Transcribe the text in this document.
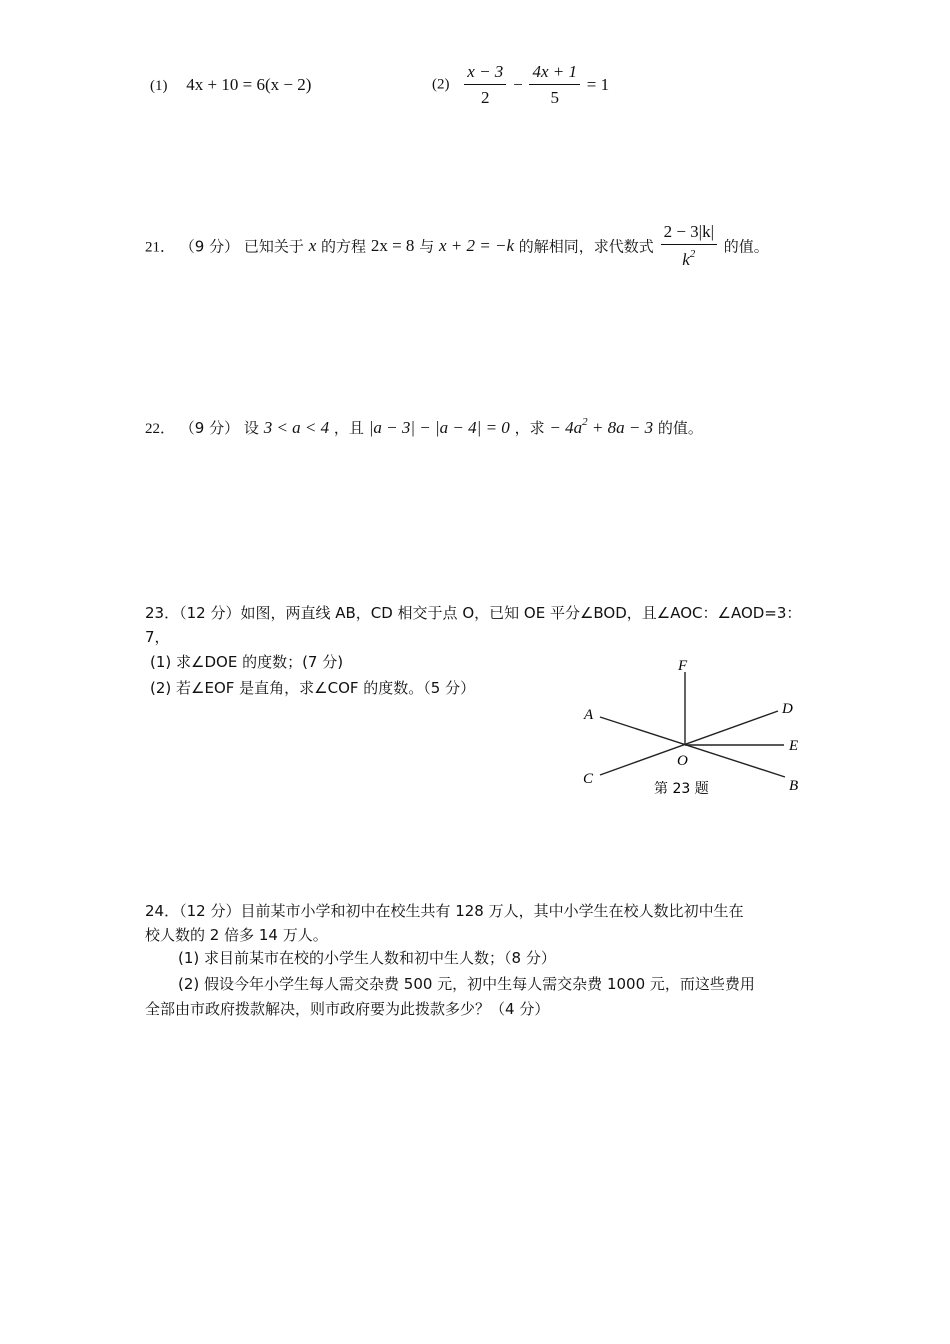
(1) 4x + 10 = 6(x − 2)	$(2) \frac{x - 3}{2} - \frac{4x + 1}{5} = 1$
21． （9 分） 已知关于 x 的方程 2x = 8 与 x + 2 = −k 的解相同，求代数式 $\frac{2 - 3|k|}{k^2}$ 的值。
22． （9 分） 设 3 < a < 4 ，且 |a − 3| − |a − 4| = 0 ，求 − $4a^2 + 8a - 3$ 的值。
23．（12 分）如图，两直线 AB，CD 相交于点 O，已知 OE 平分∠BOD，且∠AOC：∠AOD=3：
7，
(1) 求∠DOE 的度数；(7 分)
(2) 若∠EOF 是直角，求∠COF 的度数。（5 分）
F
A	D
E
O
C	B
第 23 题
24．（12 分）目前某市小学和初中在校生共有 128 万人，其中小学生在校人数比初中生在
校人数的 2 倍多 14 万人。
(1) 求目前某市在校的小学生人数和初中生人数；（8 分）
(2) 假设今年小学生每人需交杂费 500 元，初中生每人需交杂费 1000 元，而这些费用
全部由市政府拨款解决，则市政府要为此拨款多少？（4 分）
